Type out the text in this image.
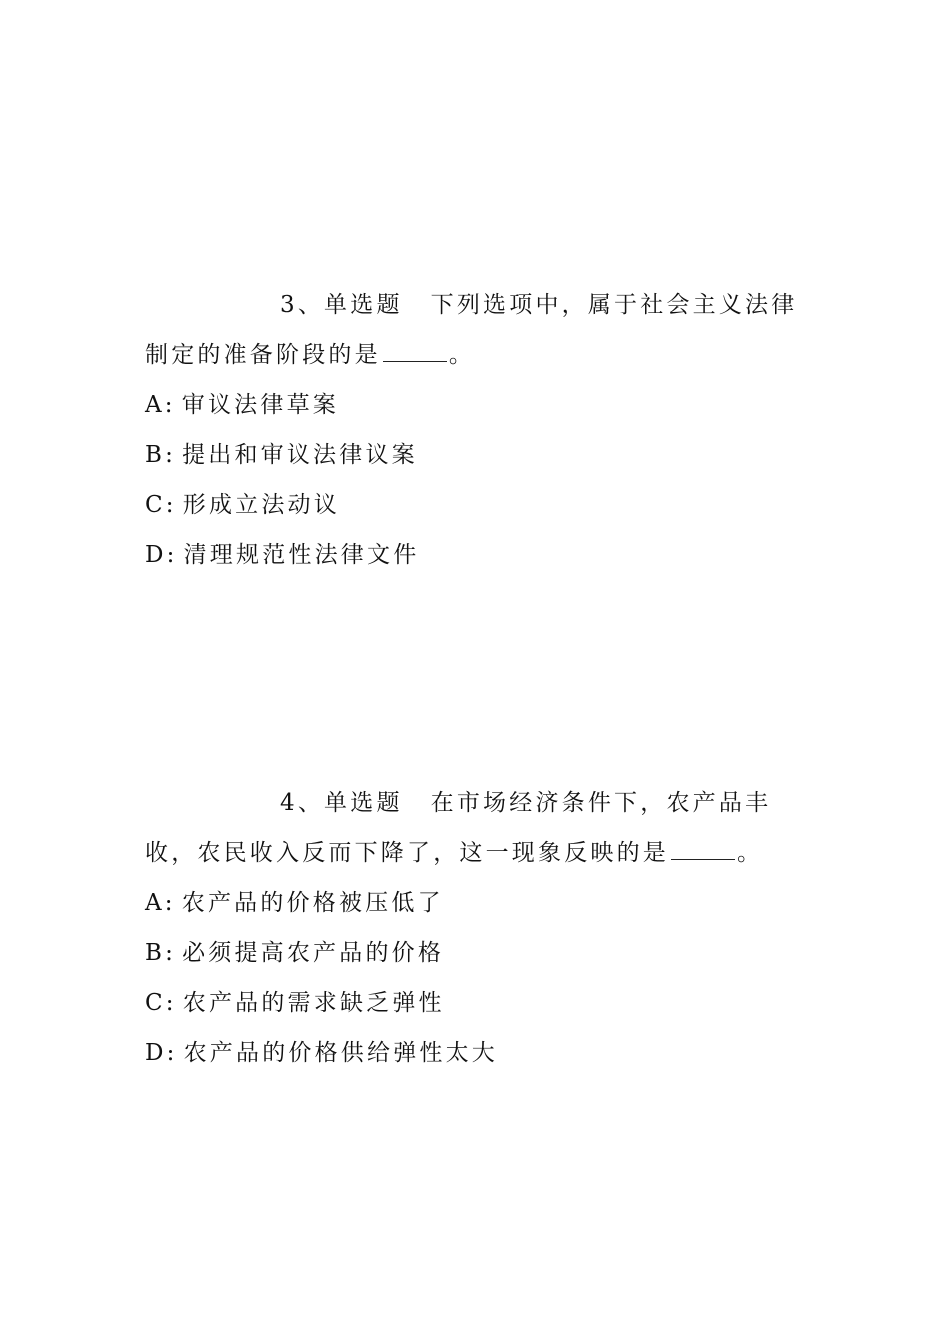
3、单选题 下列选项中，属于社会主义法律制定的准备阶段的是	。

A: 审议法律草案

B: 提出和审议法律议案

C: 形成立法动议

D: 清理规范性法律文件

4、单选题 在市场经济条件下，农产品丰收，农民收入反而下降了，这一现象反映的是	。

A: 农产品的价格被压低了

B: 必须提高农产品的价格

C: 农产品的需求缺乏弹性

D: 农产品的价格供给弹性太大
